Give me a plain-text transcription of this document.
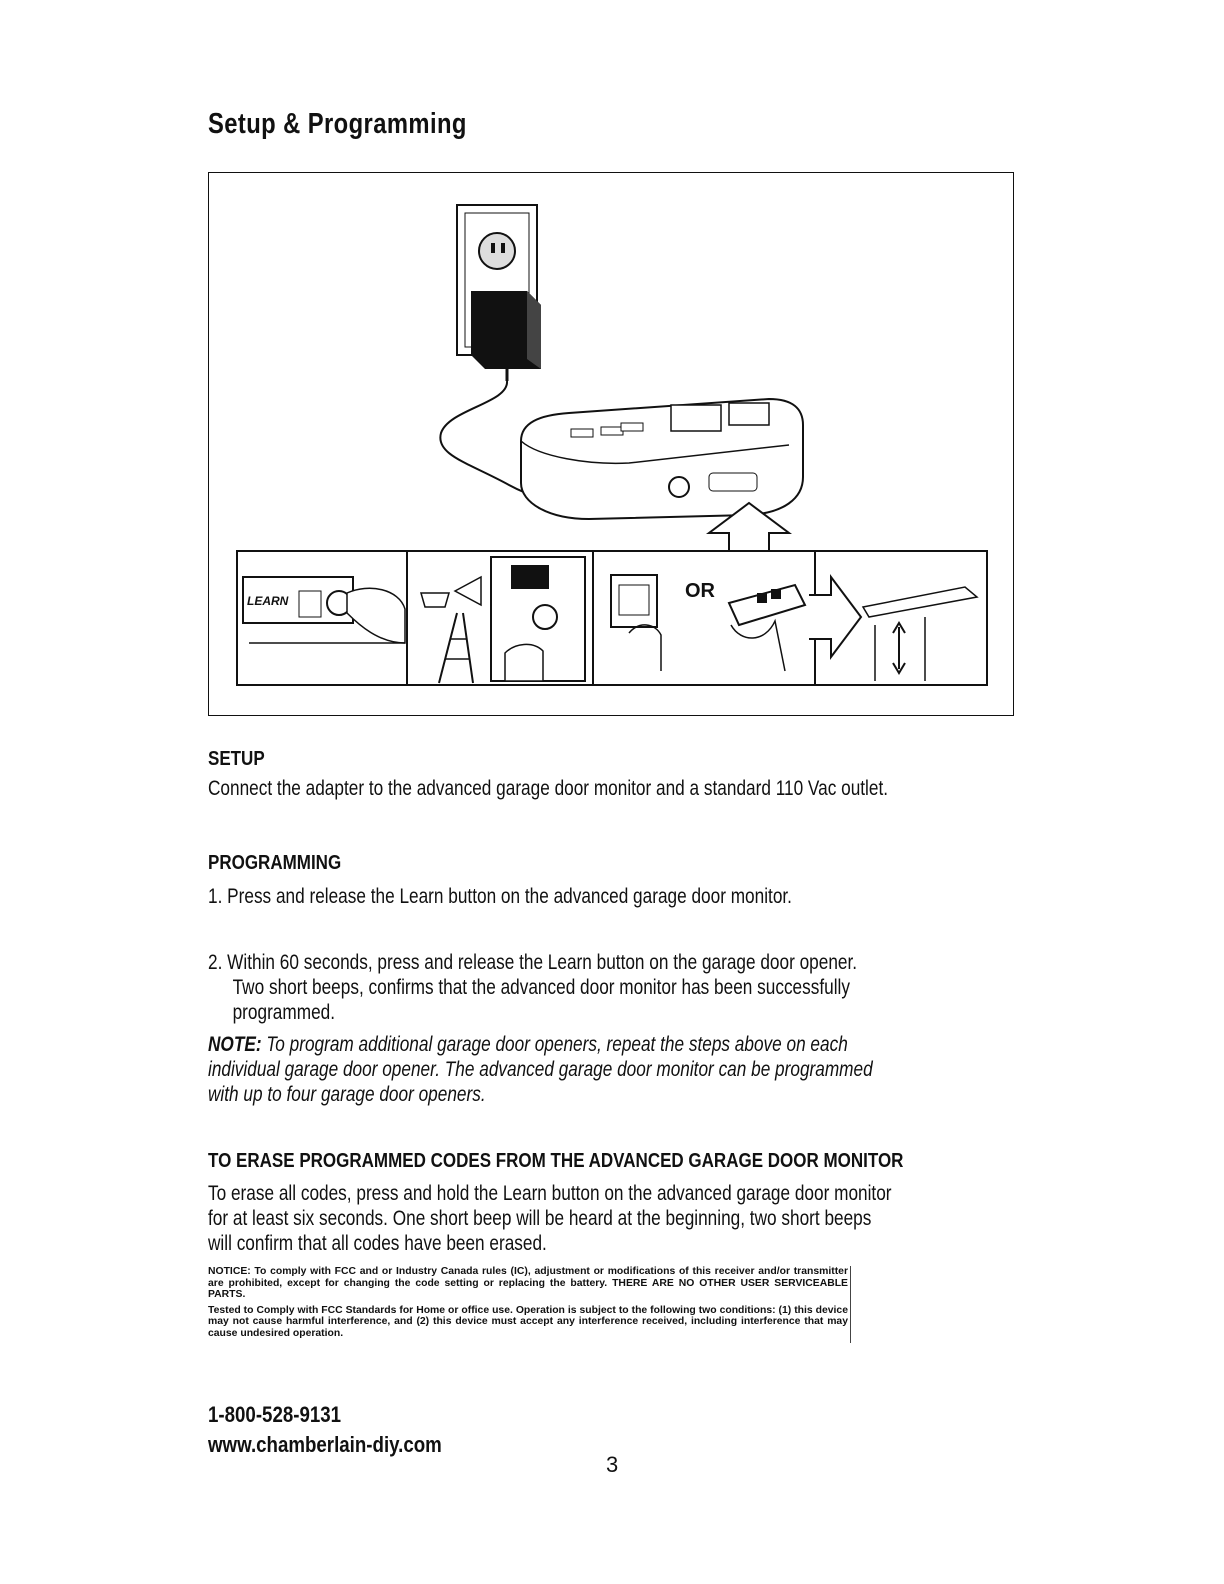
Setup & Programming
LEARN	OR
SETUP
Connect the adapter to the advanced garage door monitor and a standard 110 Vac outlet.
PROGRAMMING
1. Press and release the Learn button on the advanced garage door monitor.
2. Within 60 seconds, press and release the Learn button on the garage door opener.
Two short beeps, confirms that the advanced door monitor has been successfully
programmed.
NOTE: To program additional garage door openers, repeat the steps above on each
individual garage door opener. The advanced garage door monitor can be programmed
with up to four garage door openers.
TO ERASE PROGRAMMED CODES FROM THE ADVANCED GARAGE DOOR MONITOR
To erase all codes, press and hold the Learn button on the advanced garage door monitor
for at least six seconds. One short beep will be heard at the beginning, two short beeps
will confirm that all codes have been erased.

NOTICE: To comply with FCC and or Industry Canada rules (IC), adjustment or modifications of this receiver and/or transmitter are prohibited, except for changing the code setting or replacing the battery. THERE ARE NO OTHER USER SERVICEABLE PARTS.

Tested to Comply with FCC Standards for Home or office use. Operation is subject to the following two conditions: (1) this device may not cause harmful interference, and (2) this device must accept any interference received, including interference that may cause undesired operation.

1-800-528-9131
www.chamberlain-diy.com
3
